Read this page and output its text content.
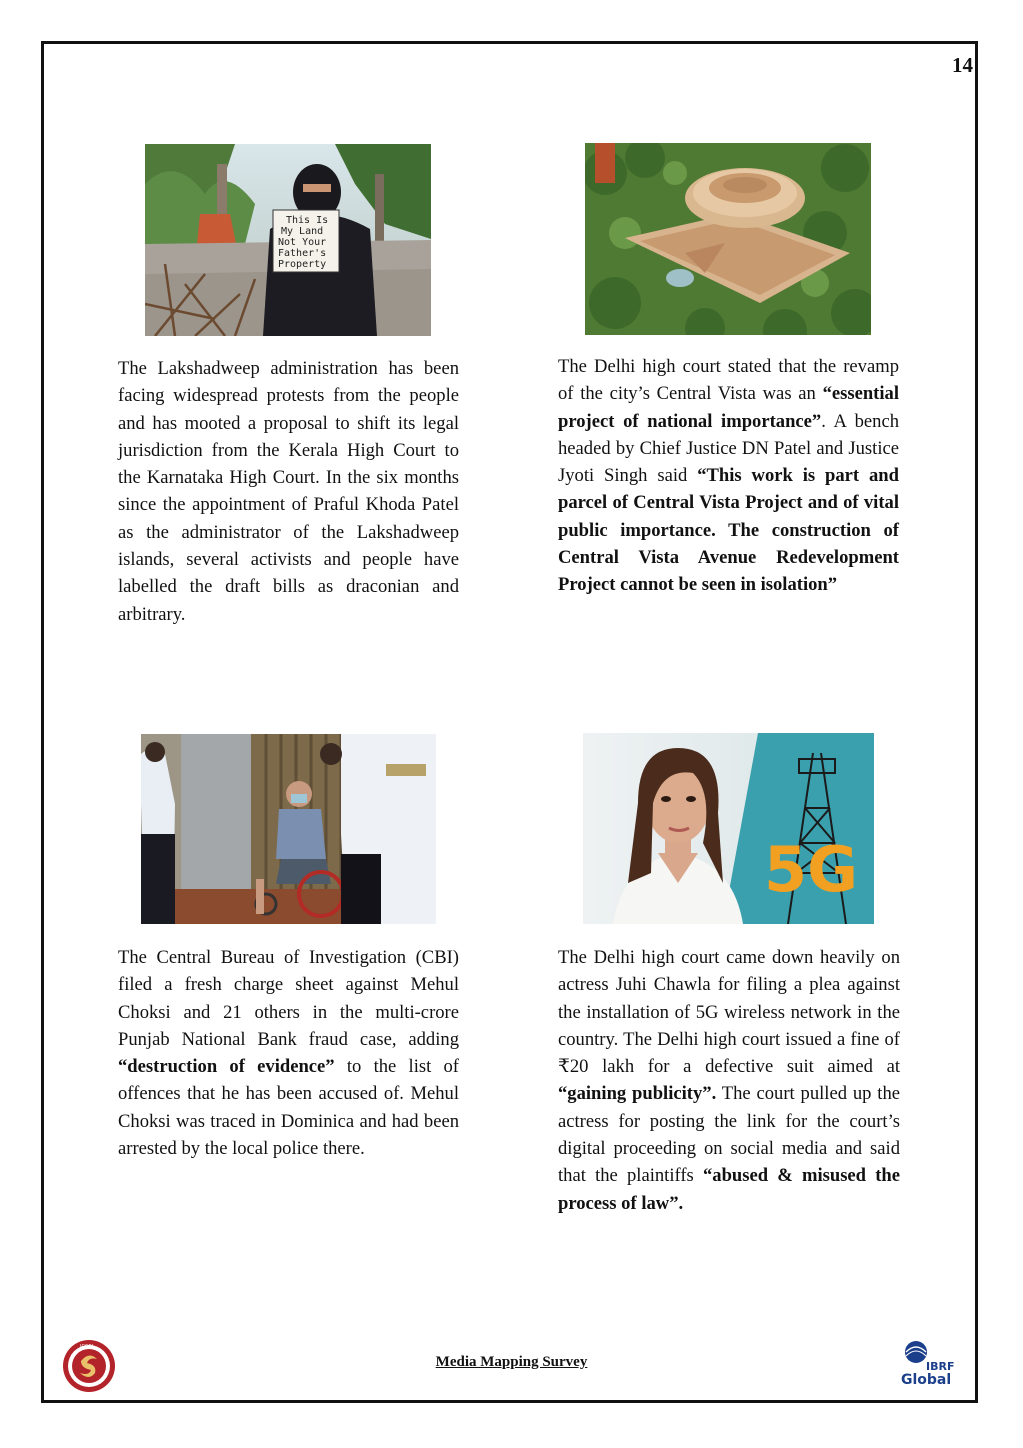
14
This Is
My Land
Not Your
Father's
Property
The Lakshadweep administration has been facing widespread protests from the people and has mooted a proposal to shift its legal jurisdiction from the Kerala High Court to the Karnataka High Court. In the six months since the appointment of Praful Khoda Patel as the administrator of the Lakshadweep islands, several activists and people have labelled the draft bills as draconian and arbitrary.
The Delhi high court stated that the revamp of the city’s Central Vista was an “essential project of national importance”. A bench headed by Chief Justice DN Patel and Justice Jyoti Singh said “This work is part and parcel of Central Vista Project and of vital public importance. The construction of Central Vista Avenue Redevelopment Project cannot be seen in isolation”
5G
The Central Bureau of Investigation (CBI) filed a fresh charge sheet against Mehul Choksi and 21 others in the multi-crore Punjab National Bank fraud case, adding “destruction of evidence” to the list of offences that he has been accused of. Mehul Choksi was traced in Dominica and had been arrested by the local police there.
The Delhi high court came down heavily on actress Juhi Chawla for filing a plea against the installation of 5G wireless network in the country. The Delhi high court issued a fine of ₹20 lakh for a defective suit aimed at “gaining publicity”. The court pulled up the actress for posting the link for the court’s digital proceeding on social media and said that the plaintiffs “abused & misused the process of law”.
ICCPL
Media Mapping Survey	IBRF
Global
